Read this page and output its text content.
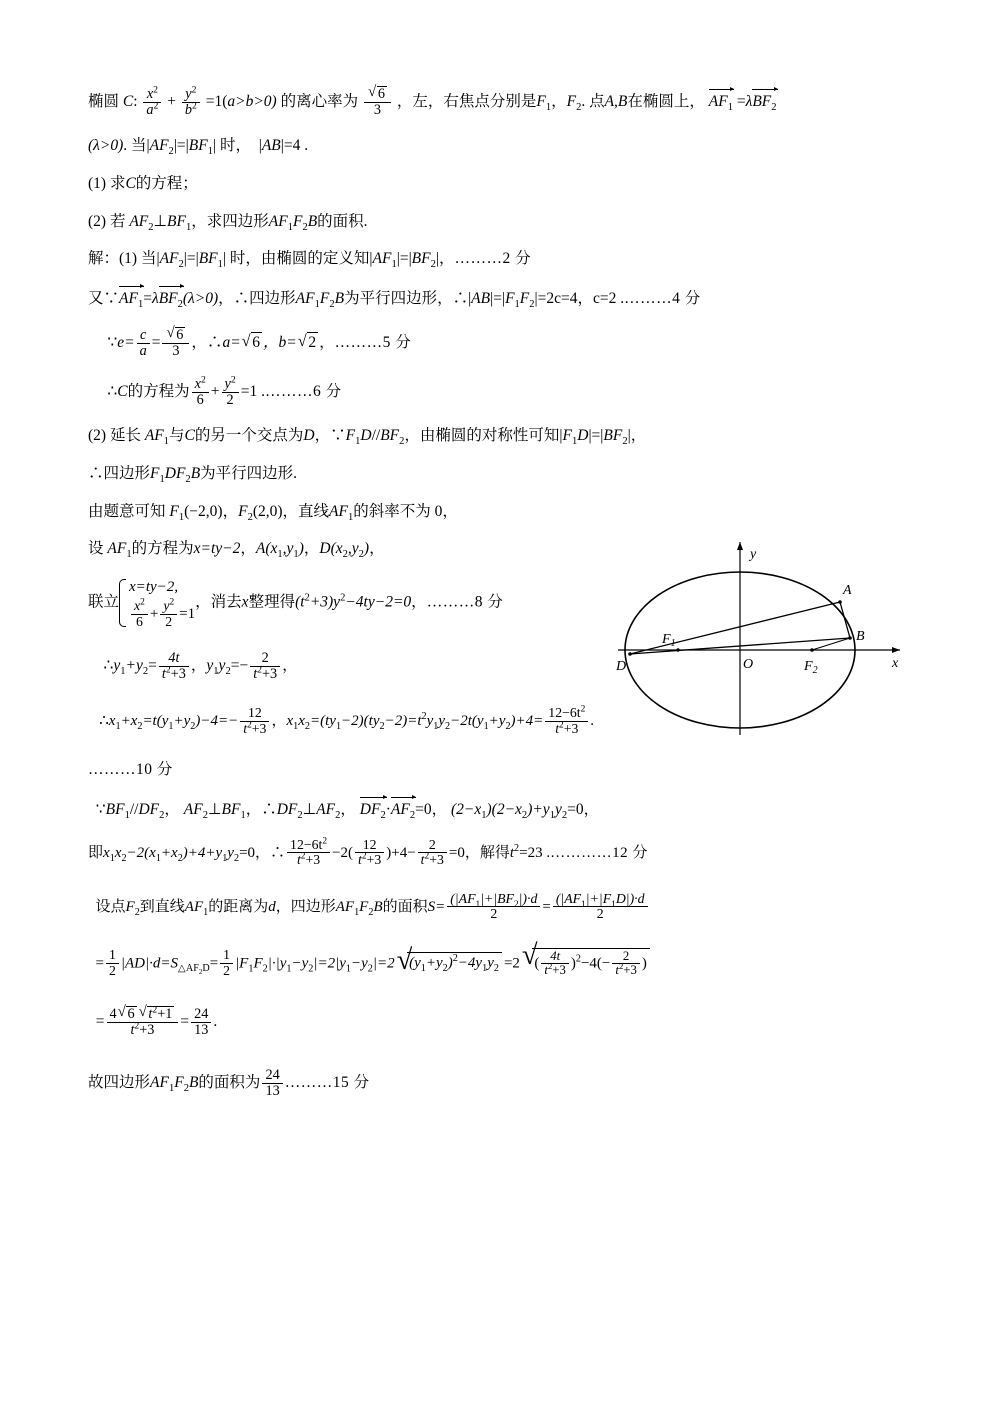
椭圆 C: $\frac{x^2}{a^2} + \frac{y^2}{b^2} =1(a>b>0)$ 的离心率为 √ $\frac{6}{3}$ ，左，右焦点分别是$F_1$，$F_2$. 点A,B在椭圆上， $AF_1 =\lambda BF_2$
(λ>0). 当$|AF_2|=|BF_1|$ 时，  |AB|=4 .
(1) 求C的方程；
(2) 若 $AF_2\perp BF_1$，求四边形$AF_1F_2B$的面积.
解：(1) 当$|AF_2|=|BF_1|$ 时，由椭圆的定义知$|AF_1|=|BF_2|$，………2 分
又$\because AF_1=\lambda BF_2(\lambda>0)$，∴四边形$AF_1F_2B$为平行四边形，$\therefore|AB|=|F_1F_2|=2c=4$，c=2 .………4 分
∵e= $\frac{c}{a}$ = √ $\frac{6}{3}$ ，∴a= √ 6 ，b= √ 2 ，………5 分
∴C的方程为 $\frac{x^2}{6} + \frac{y^2}{2} =1$ .………6 分
(2) 延长 $AF_1$与C的另一个交点为D，$\because F_1D//BF_2$，由椭圆的对称性可知$|F_1D|=|BF_2|$，
∴四边形$F_1DF_2B$为平行四边形.
由题意可知 $F_1(-2,0)$，$F_2(2,0)$，直线$AF_1$的斜率不为 0，
设 $AF_1$的方程为x=ty−2，$A(x_1,y_1)$，$D(x_2,y_2)$，
联立
x=ty−2,
$\frac{x^2}{6} + \frac{y^2}{2} =1$
，消去x整理得$(t^2+3)y^2-4ty-2=0$，………8 分
$\therefore y_1+y_2= \frac{4t}{t^2+3}$ ，$y_1y_2=- \frac{2}{t^2+3}$ ，
$\therefore x_1+x_2=t(y_1+y_2)-4=- \frac{12}{t^2+3}$ ，$x_1x_2=(ty_1-2)(ty_2-2)=t^2y_1y_2-2t(y_1+y_2)+4= \frac{12-6t^2}{t^2+3}$ .
………10 分
$\because BF_1//DF_2$， $AF_2\perp BF_1$，$\therefore DF_2\perp AF_2$， $DF_2\cdot AF_2=0$， $(2-x_1)(2-x_2)+y_1y_2=0$，
即$x_1x_2-2(x_1+x_2)+4+y_1y_2=0$，∴ $\frac{12-6t^2}{t^2+3} -2( \frac{12}{t^2+3} )+4- \frac{2}{t^2+3} =0$，解得$t^2=23$ .…………12 分
设点$F_2$到直线$AF_1$的距离为d，四边形$AF_1F_2B$的面积$S= \frac{(|AF_1|+|BF_2|)\cdot d}{2} = \frac{(|AF_1|+|F_1D|)\cdot d}{2}$
= $\frac{1}{2} |AD|\cdot d=S_{\triangle AF_2D}= \frac{1}{2} |F_1F_2|\cdot|y_1-y_2|=2|y_1-y_2|=2$ √ $(y_1+y_2)^2-4y_1y_2 =2$ √ ( $\frac{4t}{t^2+3} )^2-4(- \frac{2}{t^2+3}$ )
= $\frac{4 √ 6 √ t^2+1}{t^2+3} = \frac{24}{13}$ .
故四边形$AF_1F_2B$的面积为 $\frac{24}{13}$ ………15 分
y
x
O
D
$F_1$
$F_2$
A
B
